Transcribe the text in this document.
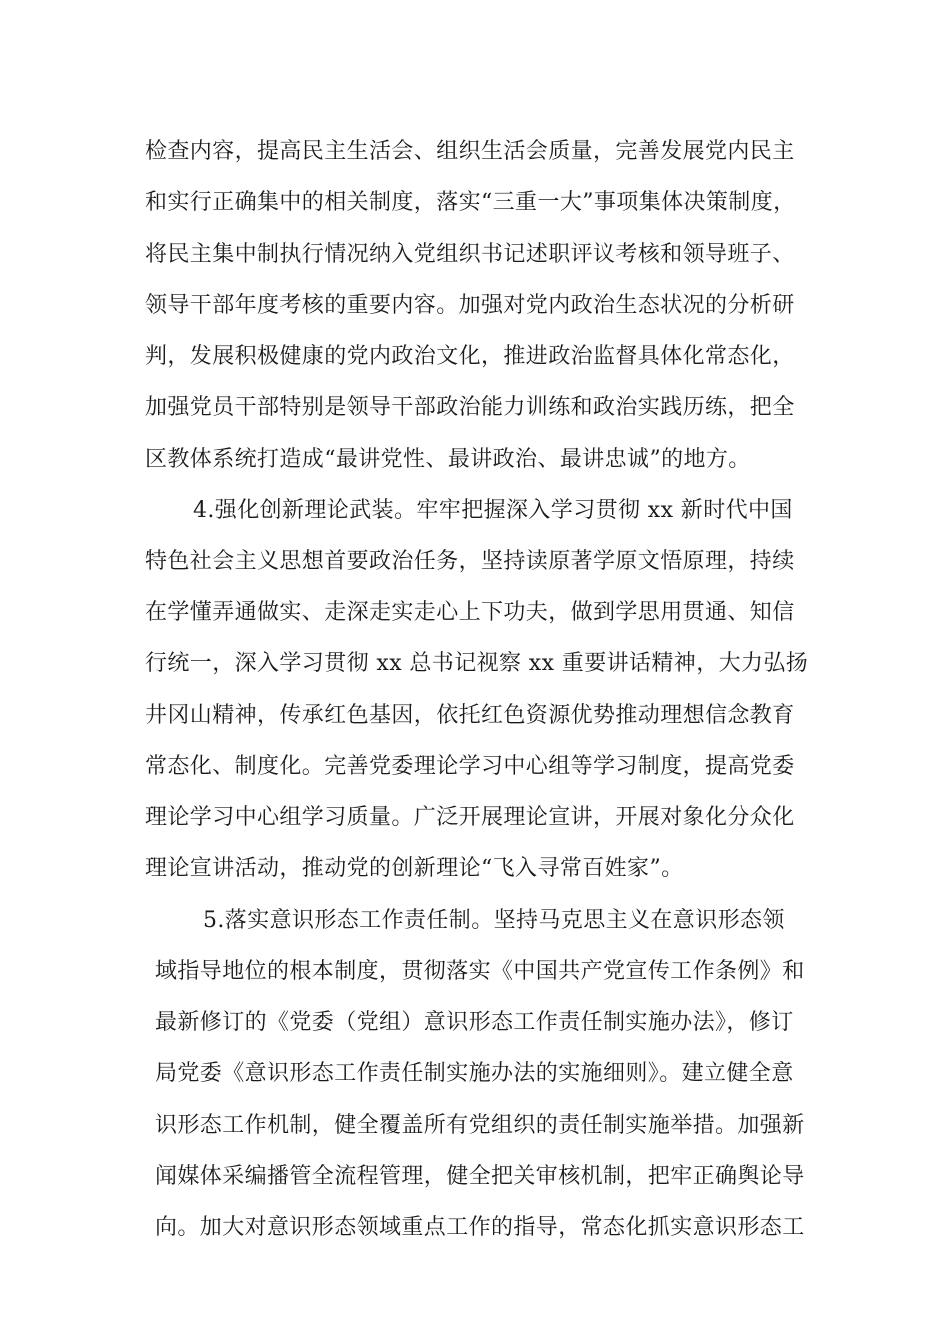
检查内容，提高民主生活会、组织生活会质量，完善发展党内民主
和实行正确集中的相关制度，落实“三重一大”事项集体决策制度，
将民主集中制执行情况纳入党组织书记述职评议考核和领导班子、
领导干部年度考核的重要内容。加强对党内政治生态状况的分析研
判，发展积极健康的党内政治文化，推进政治监督具体化常态化，
加强党员干部特别是领导干部政治能力训练和政治实践历练，把全
区教体系统打造成“最讲党性、最讲政治、最讲忠诚”的地方。
4.强化创新理论武装。牢牢把握深入学习贯彻 xx 新时代中国
特色社会主义思想首要政治任务，坚持读原著学原文悟原理，持续
在学懂弄通做实、走深走实走心上下功夫，做到学思用贯通、知信
行统一，深入学习贯彻 xx 总书记视察 xx 重要讲话精神，大力弘扬
井冈山精神，传承红色基因，依托红色资源优势推动理想信念教育
常态化、制度化。完善党委理论学习中心组等学习制度，提高党委
理论学习中心组学习质量。广泛开展理论宣讲，开展对象化分众化
理论宣讲活动，推动党的创新理论“飞入寻常百姓家”。
5.落实意识形态工作责任制。坚持马克思主义在意识形态领
域指导地位的根本制度，贯彻落实《中国共产党宣传工作条例》和
最新修订的《党委（党组）意识形态工作责任制实施办法》，修订
局党委《意识形态工作责任制实施办法的实施细则》。建立健全意
识形态工作机制，健全覆盖所有党组织的责任制实施举措。加强新
闻媒体采编播管全流程管理，健全把关审核机制，把牢正确舆论导
向。加大对意识形态领域重点工作的指导，常态化抓实意识形态工
